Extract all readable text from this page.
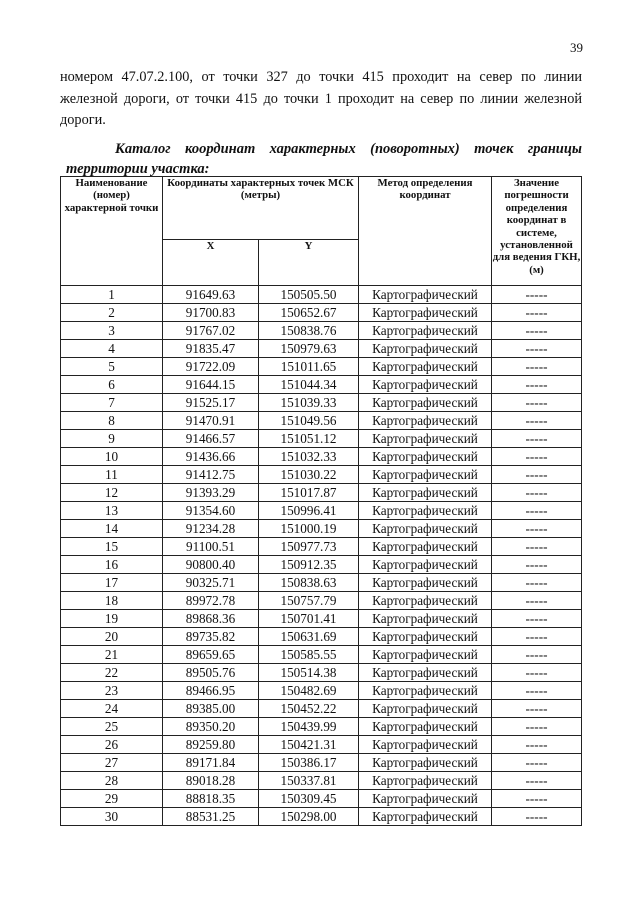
39

номером 47.07.2.100, от точки 327 до точки 415 проходит на север по линии железной дороги, от точки 415 до точки 1 проходит на север по линии железной дороги.

Каталог координат характерных (поворотных) точек границы
территории участка:
Наименование (номер) характерной точки	Координаты характерных точек МСК (метры)		Метод определения координат	Значение погрешности определения координат в системе, установленной для ведения ГКН, (м)
	X	Y		
1	91649.63	150505.50	Картографический	-----
2	91700.83	150652.67	Картографический	-----
3	91767.02	150838.76	Картографический	-----
4	91835.47	150979.63	Картографический	-----
5	91722.09	151011.65	Картографический	-----
6	91644.15	151044.34	Картографический	-----
7	91525.17	151039.33	Картографический	-----
8	91470.91	151049.56	Картографический	-----
9	91466.57	151051.12	Картографический	-----
10	91436.66	151032.33	Картографический	-----
11	91412.75	151030.22	Картографический	-----
12	91393.29	151017.87	Картографический	-----
13	91354.60	150996.41	Картографический	-----
14	91234.28	151000.19	Картографический	-----
15	91100.51	150977.73	Картографический	-----
16	90800.40	150912.35	Картографический	-----
17	90325.71	150838.63	Картографический	-----
18	89972.78	150757.79	Картографический	-----
19	89868.36	150701.41	Картографический	-----
20	89735.82	150631.69	Картографический	-----
21	89659.65	150585.55	Картографический	-----
22	89505.76	150514.38	Картографический	-----
23	89466.95	150482.69	Картографический	-----
24	89385.00	150452.22	Картографический	-----
25	89350.20	150439.99	Картографический	-----
26	89259.80	150421.31	Картографический	-----
27	89171.84	150386.17	Картографический	-----
28	89018.28	150337.81	Картографический	-----
29	88818.35	150309.45	Картографический	-----
30	88531.25	150298.00	Картографический	-----
